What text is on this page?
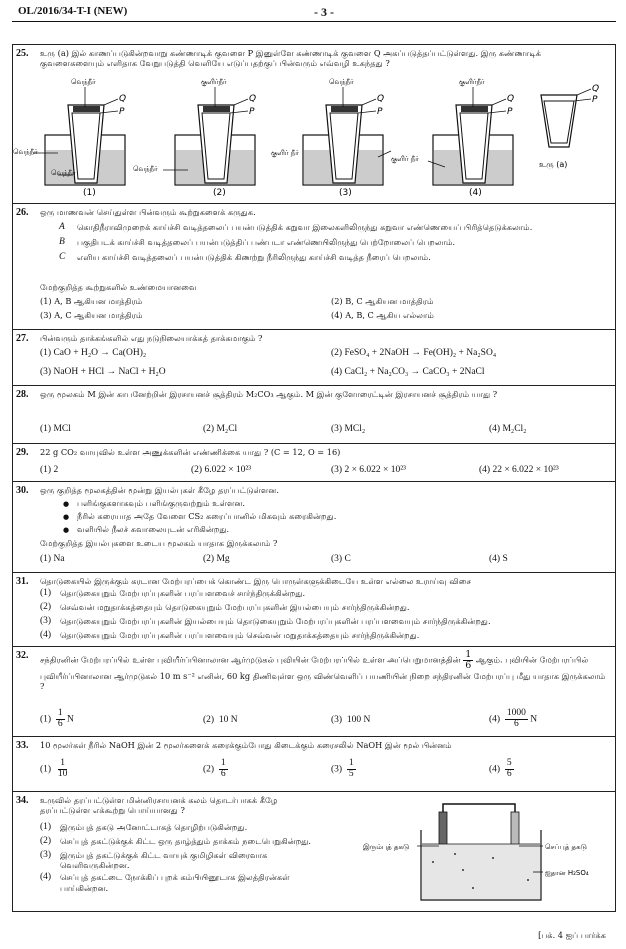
OL/2016/34-T-I (NEW)	- 3 -
25. உரு (a) இல் காணப்படுகின்றவாறு கண்ணாடிக் குவளை P இனுள்ளே கண்ணாடிக் குவளை Q அகப்படுத்தப்பட்டுள்ளது. இரு கண்ணாடிக் குவளைகளையும் எளிதாக வேறுபடுத்தி வெளியே எடுப்பதற்குப் பின்வரும் எவ்வழி உகந்தது ?
வெந்நீர்
Q
P
வெந்நீர்
வெந்நீர்
(1)
குளிர்நீர்
Q
P
வெந்நீர்
(2)
வெந்நீர்
Q
P
குளிர் நீர்
(3)
குளிர்நீர்
Q
P
குளிர் நீர்
(4)
Q
P
உரு (a)
26. ஒரு மாணவன் செய்துள்ள பின்வரும் கூற்றுகளைக் கருதுக.
A	கொதிநீராவிமுறைக் காய்ச்சி வடித்தலைப் பயன்படுத்திக் கறுவா இலைகளிலிருந்து கறுவா எண்ணெயைப் பிரித்தெடுக்கலாம்.
B	பகுதிபடக் காய்ச்சி வடித்தலைப் பயன்படுத்திப் பண்படா எண்ணெயிலிருந்து பெற்றோலைப் பெறலாம்.
C	எளிய காய்ச்சி வடித்தலைப் பயன்படுத்திக் கிணற்று நீரிலிருந்து காய்ச்சி வடித்த நீரைப் பெறலாம்.
மேற்குறித்த கூற்றுகளில் உண்மையானவை
(1) A, B ஆகியன மாத்திரம்	(2) B, C ஆகியன மாத்திரம்
(3) A, C ஆகியன மாத்திரம்	(4) A, B, C ஆகிய எல்லாம்
27. பின்வரும் தாக்கங்களில் எது நடுநிலையாக்கத் தாக்கமாகும் ?
(1) CaO + H₂O → Ca(OH)₂	(2) FeSO₄ + 2NaOH → Fe(OH)₂ + Na₂SO₄
(3) NaOH + HCl → NaCl + H₂O	(4) CaCl₂ + Na₂CO₃ → CaCO₃ + 2NaCl
28. ஒரு மூலகம் M இன் காபனேற்றின் இரசாயனச் சூத்திரம் M₂CO₃ ஆகும். M இன் குளோரைட்டின் இரசாயனச் சூத்திரம் யாது ?
(1) MCl	(2) M₂Cl	(3) MCl₂	(4) M₂Cl₂
29. 22 g CO₂ வாயுவில் உள்ள அணுக்களின் எண்ணிக்கை யாது ? (C = 12, O = 16)
(1) 2	(2) 6.022 × 10²³	(3) 2 × 6.022 × 10²³	(4) 22 × 6.022 × 10²³
30. ஒரு குறித்த மூலகத்தின் மூன்று இயல்புகள் கீழே தரப்பட்டுள்ளன.
● பளிங்குகளாகவும் பளிங்குருவற்றும் உள்ளன.
● நீரில் கரையாத அதே வேளை CS₂ கரைப்பானில் மிகவும் கரைகின்றது.
● வளியில் நீலச் சுவாலையுடன் எரிகின்றது.
மேற்குறித்த இயல்புகளை உடைய மூலகம் யாதாக இருக்கலாம் ?
(1) Na	(2) Mg	(3) C	(4) S
31. தொடுகையில் இருக்கும் கரடான மேற்பரப்பைக் கொண்ட இரு பொருள்களுக்கிடையே உள்ள எல்லை உராய்வு விசை
(1)	தொடுகையுறும் மேற்பரப்புகளின் பரப்பளவைச் சார்ந்திருக்கின்றது.
(2)	செவ்வன் மறுதாக்கத்தையும் தொடுகையுறும் மேற்பரப்புகளின் இயல்பையும் சார்ந்திருக்கின்றது.
(3)	தொடுகையுறும் மேற்பரப்புகளின் இயல்பையும் தொடுகையுறும் மேற்பரப்புகளின் பரப்பளவையும் சார்ந்திருக்கின்றது.
(4)	தொடுகையுறும் மேற்பரப்புகளின் பரப்பளவையும் செவ்வன் மறுதாக்கத்தையும் சார்ந்திருக்கின்றது.
32. சந்திரனின் மேற்பரப்பில் உள்ள புவியீர்ப்பினாலான ஆர்முடுகல் புவியின் மேற்பரப்பில் உள்ள அப்பெறுமானத்தின் $\frac{1}{6}$ ஆகும். புவியின் மேற்பரப்பில் புவியீர்ப்பினாலான ஆர்முடுகல் 10 m s⁻² எனின், 60 kg திணிவுள்ள ஒரு விண்வெளிப் பயணியின் நிறை சந்திரனின் மேற்பரப்பு மீது யாதாக இருக்கலாம் ?
$(1) \frac{1}{6}$ N	(2) 10 N	(3) 100 N	$(4) \frac{1000}{6}$ N
33. 10 மூலர்கள் நீரில் NaOH இன் 2 மூலர்களைக் கரைக்கும்போது கிடைக்கும் கரைசலில் NaOH இன் மூல் பின்னம்
$(1) \frac{1}{10}$	$(2) \frac{1}{6}$	$(3) \frac{1}{5}$	$(4) \frac{5}{6}$
34. உருவில் தரப்பட்டுள்ள மின்னிரசாயனக் கலம் தொடர்பாகக் கீழே தரப்பட்டுள்ள எக்கூற்று பொய்யானது ?
(1)	இரும்புத் தகடு அனோட்டாகத் தொழிற்படுகின்றது.
(2)	செப்புத் தகட்டுக்குக் கிட்ட ஒரு தாழ்த்தும் தாக்கம் நடைபெறுகின்றது.
(3)	இரும்புத் தகட்டுக்குக் கிட்ட வாயுக் குமிழிகள் விரைவாக வெளிவருகின்றன.
(4)	செப்புத் தகட்டை நோக்கிப் புறக் கம்பியினூடாக இலத்திரன்கள் பாய்கின்றன.
இரும்புத் தகடு	செப்புத் தகடு
ஐதான H₂SO₄
[பக். 4 ஐப் பார்க்க
